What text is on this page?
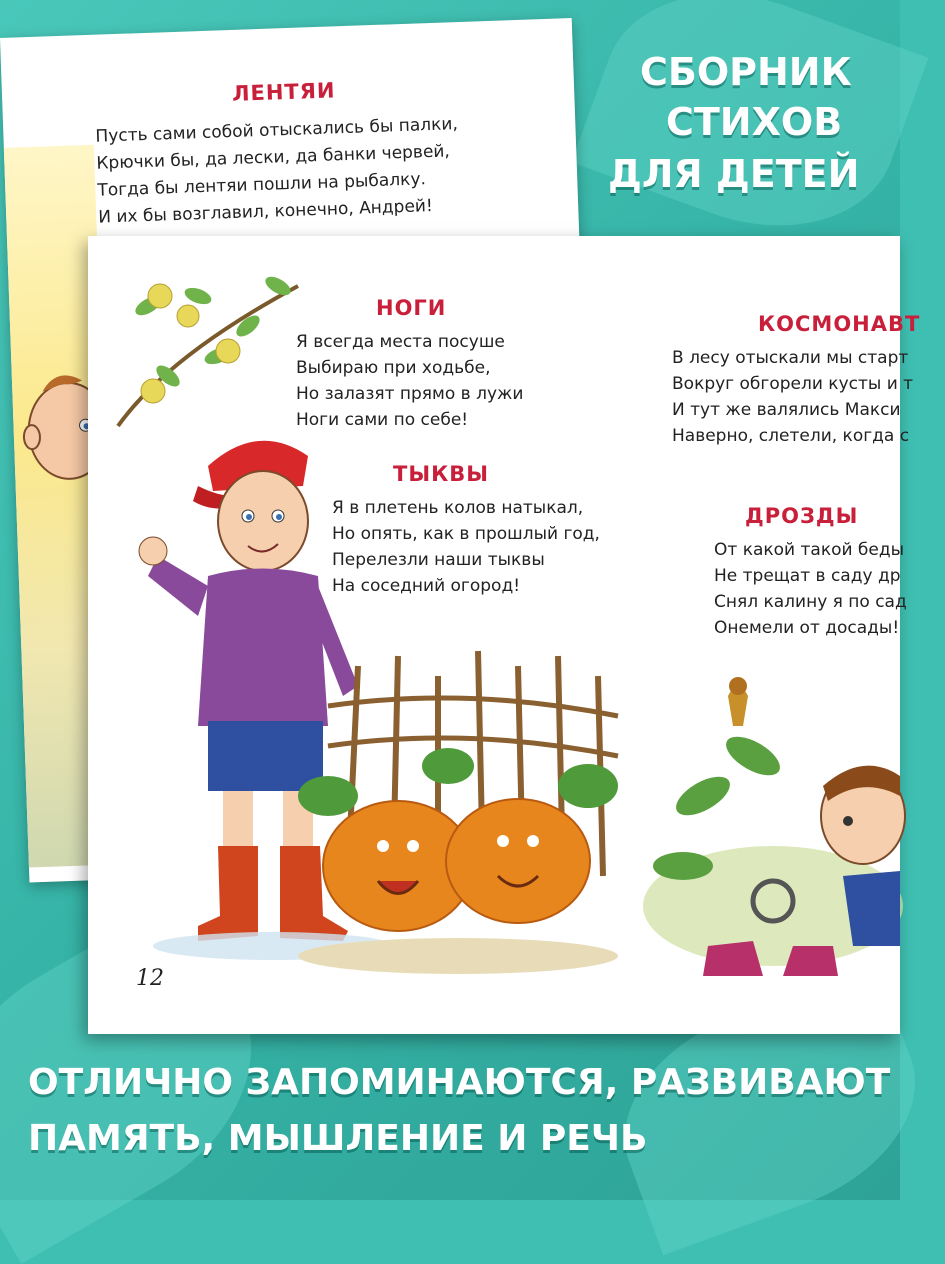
ЛЕНТЯИ
Пусть сами собой отыскались бы палки,
Крючки бы, да лески, да банки червей,
Тогда бы лентяи пошли на рыбалку.
И их бы возглавил, конечно, Андрей!
НОГИ
Я всегда места посуше
Выбираю при ходьбе,
Но залазят прямо в лужи
Ноги сами по себе!
ТЫКВЫ
Я в плетень колов натыкал,
Но опять, как в прошлый год,
Перелезли наши тыквы
На соседний огород!
КОСМОНАВТ
В лесу отыскали мы старт
Вокруг обгорели кусты и т
И тут же валялись Макси
Наверно, слетели, когда с
ДРОЗДЫ
От какой такой беды
Не трещат в саду др
Снял калину я по сад
Онемели от досады!
12
СБОРНИК
СТИХОВ
ДЛЯ ДЕТЕЙ
ОТЛИЧНО ЗАПОМИНАЮТСЯ, РАЗВИВАЮТ
ПАМЯТЬ, МЫШЛЕНИЕ И РЕЧЬ
